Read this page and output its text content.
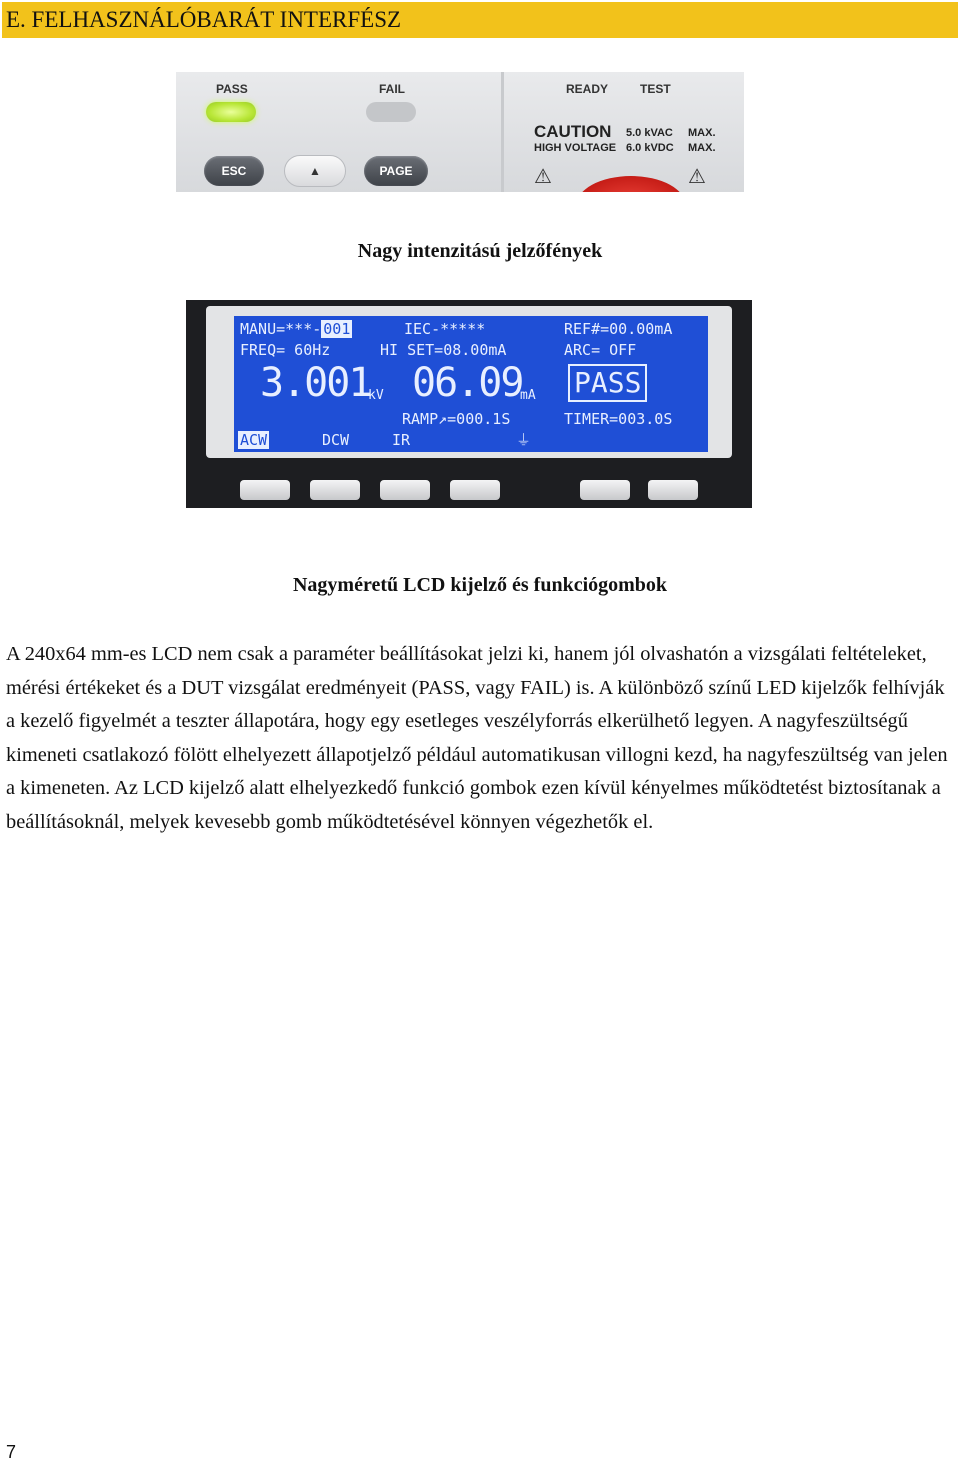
E. FELHASZNÁLÓBARÁT INTERFÉSZ
PASS	FAIL
ESC	▲	PAGE
READY	TEST
CAUTION
HIGH VOLTAGE
5.0 kVAC
6.0 kVDC
MAX.
MAX.
⚠	⚠
Nagy intenzitású jelzőfények
MANU=***- 001	IEC-*****	REF#=00.00mA
FREQ= 60Hz	HI SET=08.00mA	ARC= OFF
3.001
kV 06.09
mA PASS
RAMP↗=000.1S	TIMER=003.0S
ACW	DCW	IR	⏚
Nagyméretű LCD kijelző és funkciógombok
A 240x64 mm-es LCD nem csak a paraméter beállításokat jelzi ki, hanem jól olvashatón a vizsgálati feltételeket, mérési értékeket és a DUT vizsgálat eredményeit (PASS, vagy FAIL) is. A különböző színű LED kijelzők felhívják a kezelő figyelmét a teszter állapotára, hogy egy esetleges veszélyforrás elkerülhető legyen. A nagyfeszültségű kimeneti csatlakozó fölött elhelyezett állapotjelző például automatikusan villogni kezd, ha nagyfeszültség van jelen a kimeneten. Az LCD kijelző alatt elhelyezkedő funkció gombok ezen kívül kényelmes működtetést biztosítanak a beállításoknál, melyek kevesebb gomb működtetésével könnyen végezhetők el.
7
